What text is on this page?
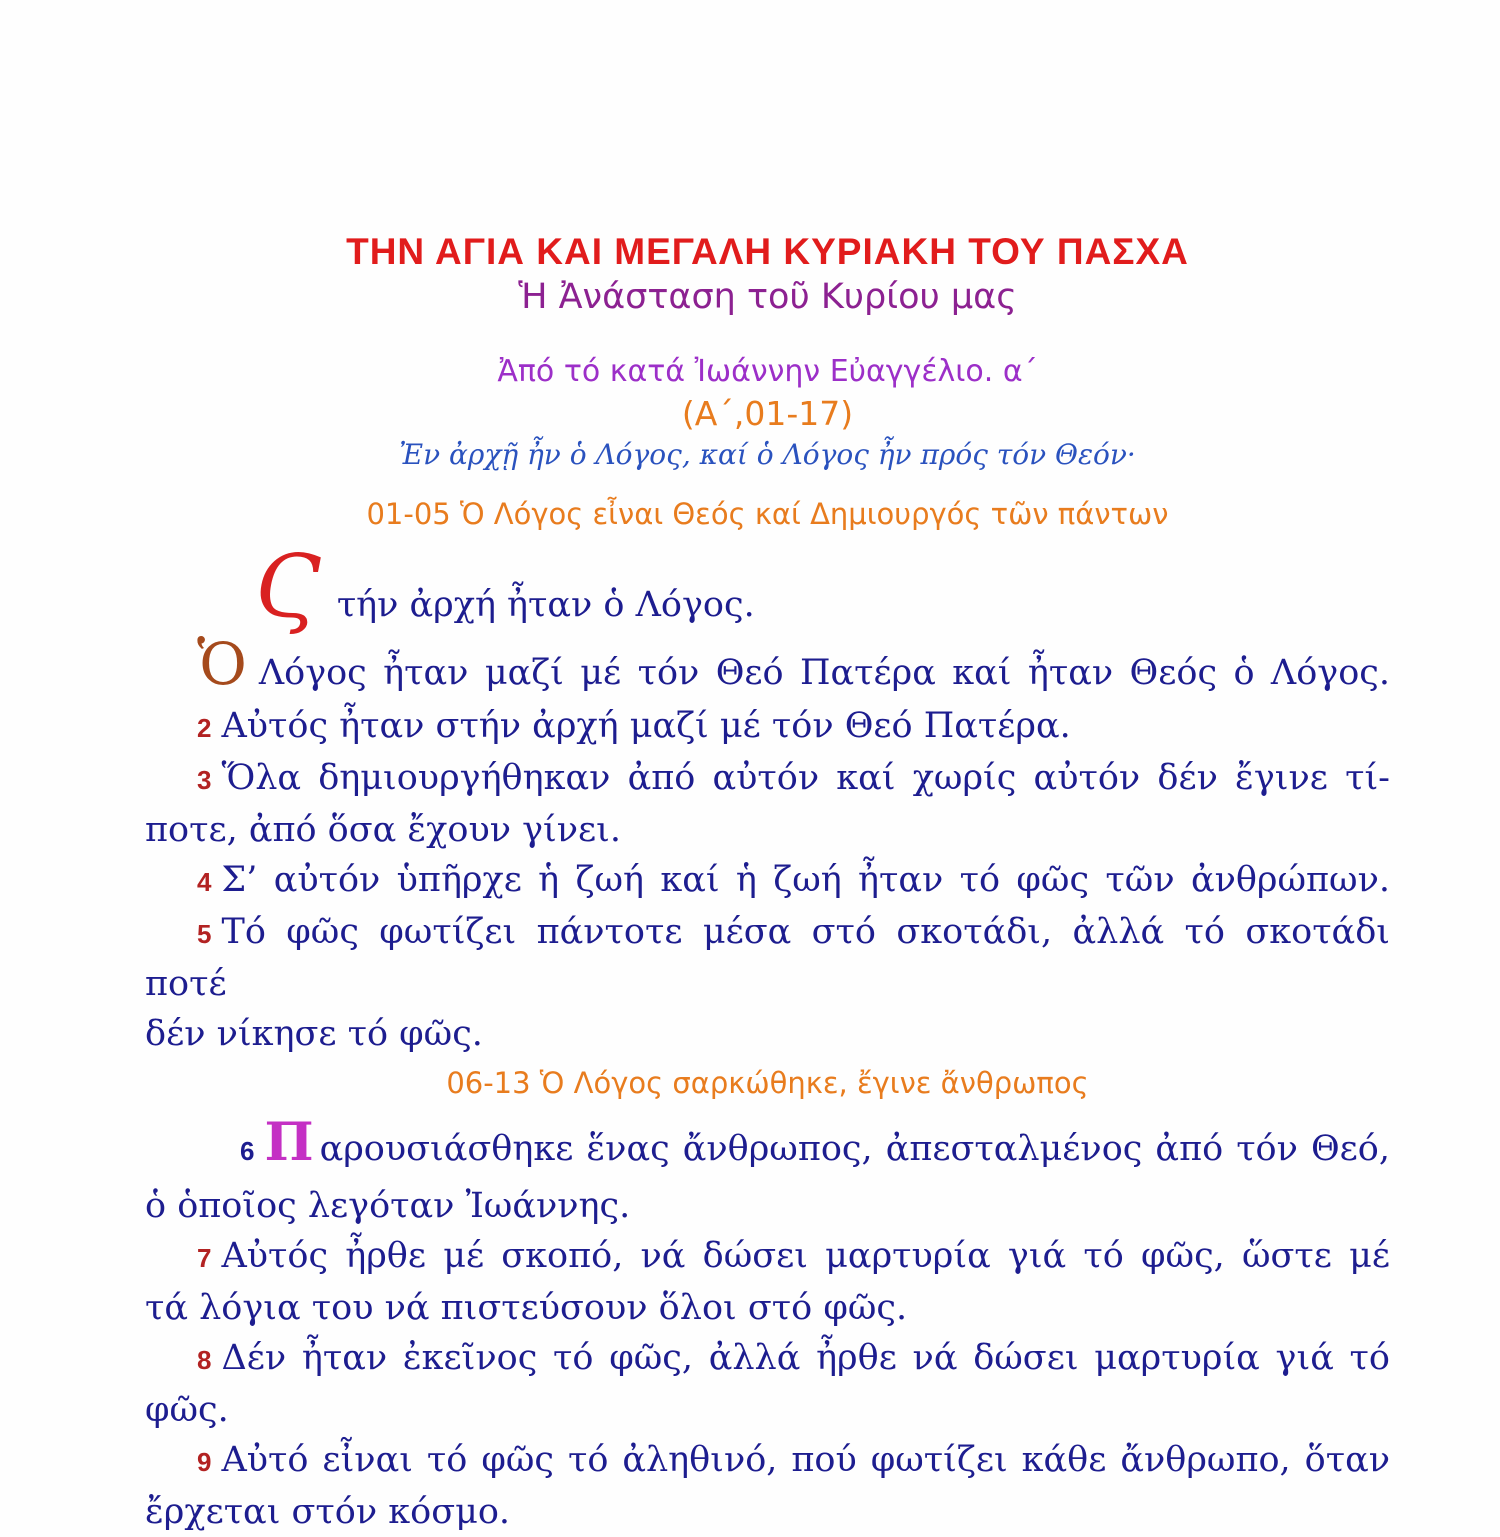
ΤΗΝ ΑΓΙΑ ΚΑΙ ΜΕΓΑΛΗ ΚΥΡΙΑΚΗ ΤΟΥ ΠΑΣΧΑ
Ἡ Ἀνάσταση τοῦ Κυρίου μας
Ἀπό τό κατά Ἰωάννην Εὐαγγέλιο. α´
(Α´,01-17)
Ἐν ἀρχῇ ἦν ὁ Λόγος, καί ὁ Λόγος ἦν πρός τόν Θεόν·
01-05 Ὁ Λόγος εἶναι Θεός καί Δημιουργός τῶν πάντων
Ϛτήν ἀρχή ἦταν ὁ Λόγος.
Ὁ Λόγος ἦταν μαζί μέ τόν Θεό Πατέρα καί ἦταν Θεός ὁ Λόγος.
2 Αὐτός ἦταν στήν ἀρχή μαζί μέ τόν Θεό Πατέρα.
3 Ὅλα δημιουργήθηκαν ἀπό αὐτόν καί χωρίς αὐτόν δέν ἔγινε τί-
ποτε, ἀπό ὅσα ἔχουν γίνει.
4 Σ’ αὐτόν ὑπῆρχε ἡ ζωή καί ἡ ζωή ἦταν τό φῶς τῶν ἀνθρώπων.
5 Τό φῶς φωτίζει πάντοτε μέσα στό σκοτάδι, ἀλλά τό σκοτάδι ποτέ
δέν νίκησε τό φῶς.
06-13 Ὁ Λόγος σαρκώθηκε, ἔγινε ἄνθρωπος
6 Π αρουσιάσθηκε ἕνας ἄνθρωπος, ἀπεσταλμένος ἀπό τόν Θεό,
ὁ ὁποῖος λεγόταν Ἰωάννης.
7 Αὐτός ἦρθε μέ σκοπό, νά δώσει μαρτυρία γιά τό φῶς, ὥστε μέ
τά λόγια του νά πιστεύσουν ὅλοι στό φῶς.
8 Δέν ἦταν ἐκεῖνος τό φῶς, ἀλλά ἦρθε νά δώσει μαρτυρία γιά τό
φῶς.
9 Αὐτό εἶναι τό φῶς τό ἀληθινό, πού φωτίζει κάθε ἄνθρωπο, ὅταν
ἔρχεται στόν κόσμο.
